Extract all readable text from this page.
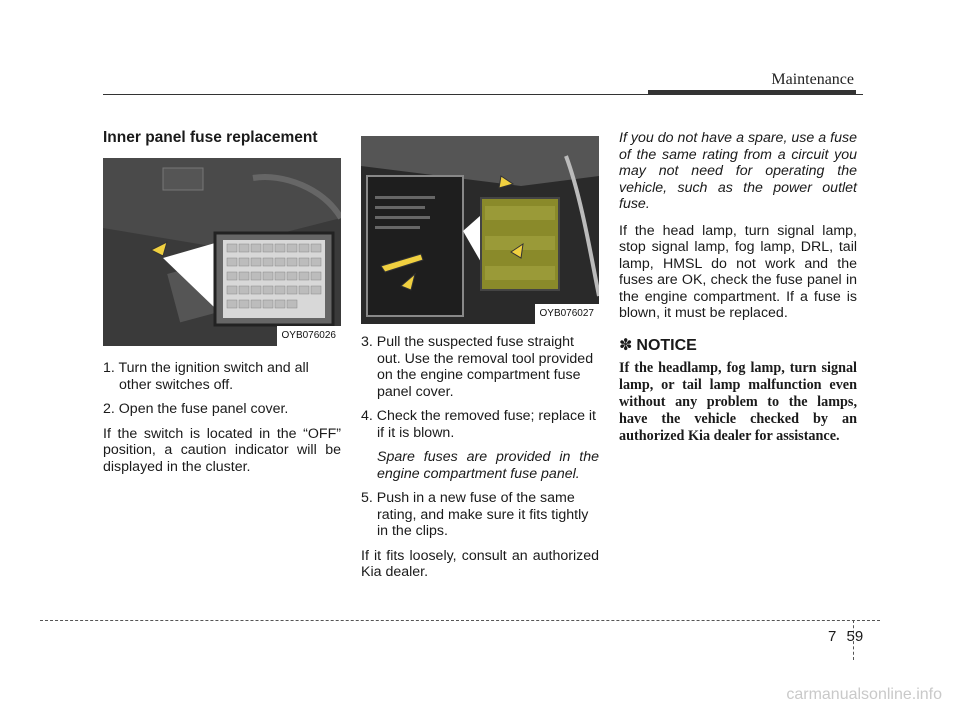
Maintenance
Inner panel fuse replacement
OYB076026
1. Turn the ignition switch and all other switches off.
2. Open the fuse panel cover.

If the switch is located in the “OFF” position, a caution indicator will be displayed in the cluster.

OYB076027
3. Pull the suspected fuse straight out. Use the removal tool provided on the engine compartment fuse panel cover.
4. Check the removed fuse; replace it if it is blown.

Spare fuses are provided in the engine compartment fuse panel.

5. Push in a new fuse of the same rating, and make sure it fits tightly in the clips.

If it fits loosely, consult an authorized Kia dealer.

If you do not have a spare, use a fuse of the same rating from a circuit you may not need for operating the vehicle, such as the power outlet fuse.

If the head lamp, turn signal lamp, stop signal lamp, fog lamp, DRL, tail lamp, HMSL do not work and the fuses are OK, check the fuse panel in the engine compartment. If a fuse is blown, it must be replaced.

✽ NOTICE
If the headlamp, fog lamp, turn signal lamp, or tail lamp malfunction even without any problem to the lamps, have the vehicle checked by an authorized Kia dealer for assistance.
7 59
carmanualsonline.info
